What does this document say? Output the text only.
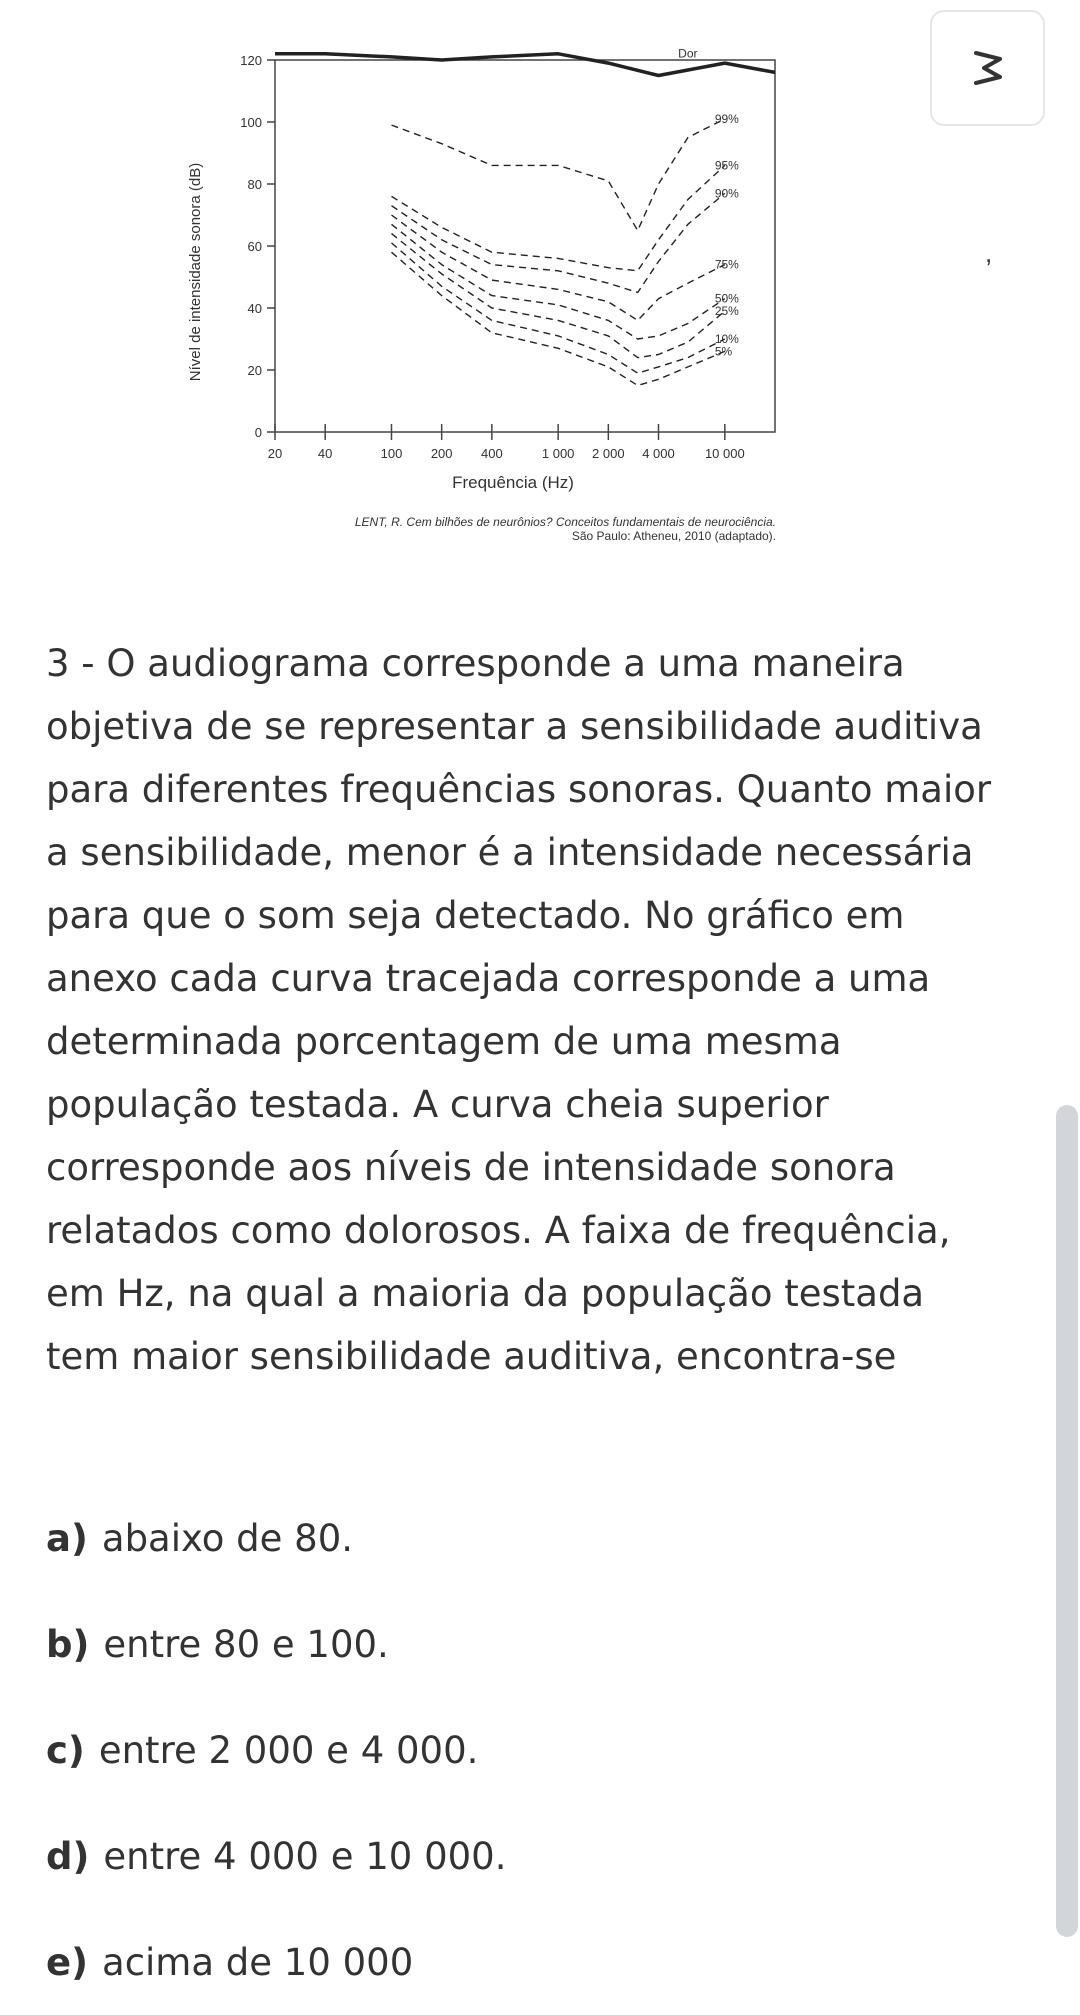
0
20
40
60
80
100
120
20	40	100 200 400	1 000 2 000 4 000 10 000
Dor
99%
95%
90%
75%
50%
25%
10%
5%
Frequência (Hz)
Nível de intensidade sonora (dB)
LENT, R. Cem bilhões de neurônios? Conceitos fundamentais de neurociência.
São Paulo: Atheneu, 2010 (adaptado).
,

3 - O audiograma corresponde a uma maneira objetiva de se representar a sensibilidade auditiva para diferentes frequências sonoras. Quanto maior a sensibilidade, menor é a intensidade necessária para que o som seja detectado. No gráfico em anexo cada curva tracejada corresponde a uma determinada porcentagem de uma mesma população testada. A curva cheia superior corresponde aos níveis de intensidade sonora relatados como dolorosos. A faixa de frequência, em Hz, na qual a maioria da população testada tem maior sensibilidade auditiva, encontra-se

a) abaixo de 80.
b) entre 80 e 100.
c) entre 2 000 e 4 000.
d) entre 4 000 e 10 000.
e) acima de 10 000
